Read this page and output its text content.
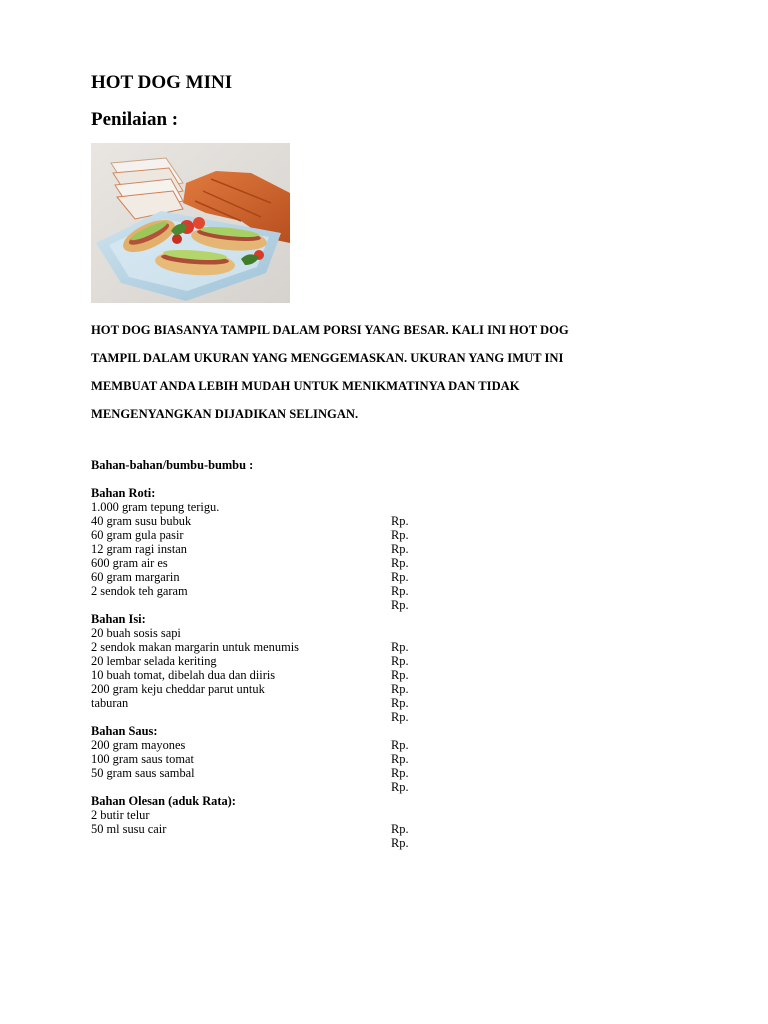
HOT DOG MINI
Penilaian :
HOT DOG BIASANYA TAMPIL DALAM PORSI YANG BESAR. KALI INI HOT DOG
TAMPIL DALAM UKURAN YANG MENGGEMASKAN. UKURAN YANG IMUT INI
MEMBUAT ANDA LEBIH MUDAH UNTUK MENIKMATINYA DAN TIDAK
MENGENYANGKAN DIJADIKAN SELINGAN.
Bahan-bahan/bumbu-bumbu :
Bahan Roti:
1.000 gram tepung terigu.
40 gram susu bubuk	Rp.
60 gram gula pasir	Rp.
12 gram ragi instan	Rp.
600 gram air es	Rp.
60 gram margarin	Rp.
2 sendok teh garam	Rp.
Rp.
Bahan Isi:
20 buah sosis sapi
2 sendok makan margarin untuk menumis	Rp.
20 lembar selada keriting	Rp.
10 buah tomat, dibelah dua dan diiris	Rp.
200 gram keju cheddar parut untuk	Rp.
taburan	Rp.
Rp.
Bahan Saus:
200 gram mayones	Rp.
100 gram saus tomat	Rp.
50 gram saus sambal	Rp.
Rp.
Bahan Olesan (aduk Rata):
2 butir telur
50 ml susu cair	Rp.
Rp.
